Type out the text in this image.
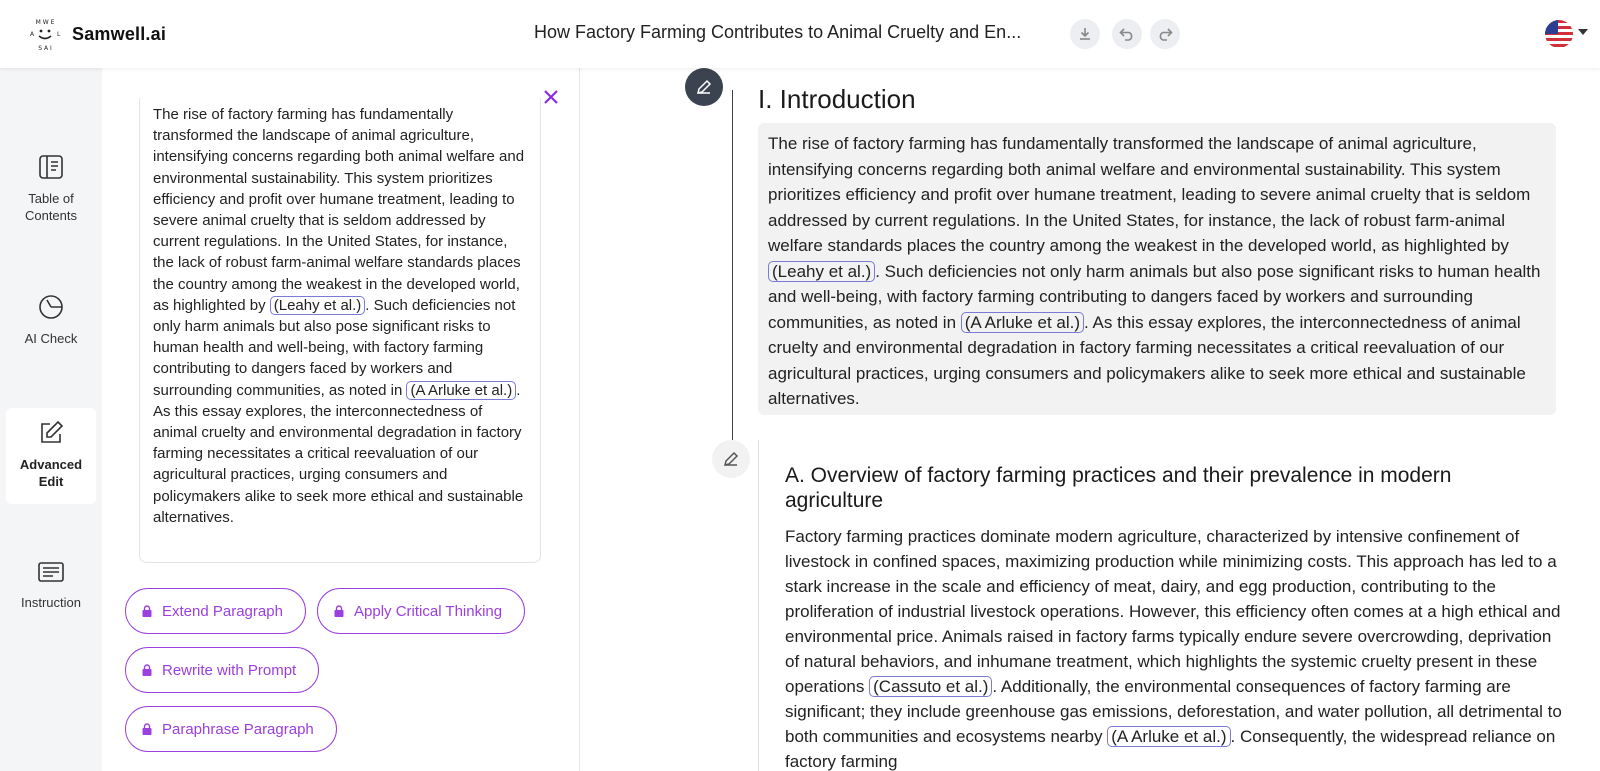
M W E
A	L
S A I
Samwell.ai	How Factory Farming Contributes to Animal Cruelty and En...
Table of Contents
AI Check
Advanced Edit
Instruction
The rise of factory farming has fundamentally transformed the landscape of animal agriculture, intensifying concerns regarding both animal welfare and environmental sustainability. This system prioritizes efficiency and profit over humane treatment, leading to severe animal cruelty that is seldom addressed by current regulations. In the United States, for instance, the lack of robust farm-animal welfare standards places the country among the weakest in the developed world, as highlighted by (Leahy et al.) . Such deficiencies not only harm animals but also pose significant risks to human health and well-being, with factory farming contributing to dangers faced by workers and surrounding communities, as noted in (A Arluke et al.) . As this essay explores, the interconnectedness of animal cruelty and environmental degradation in factory farming necessitates a critical reevaluation of our agricultural practices, urging consumers and policymakers alike to seek more ethical and sustainable alternatives.
Extend Paragraph	Apply Critical Thinking
Rewrite with Prompt
Paraphrase Paragraph
I. Introduction
The rise of factory farming has fundamentally transformed the landscape of animal agriculture, intensifying concerns regarding both animal welfare and environmental sustainability. This system prioritizes efficiency and profit over humane treatment, leading to severe animal cruelty that is seldom addressed by current regulations. In the United States, for instance, the lack of robust farm-animal welfare standards places the country among the weakest in the developed world, as highlighted by (Leahy et al.) . Such deficiencies not only harm animals but also pose significant risks to human health and well-being, with factory farming contributing to dangers faced by workers and surrounding communities, as noted in (A Arluke et al.) . As this essay explores, the interconnectedness of animal cruelty and environmental degradation in factory farming necessitates a critical reevaluation of our agricultural practices, urging consumers and policymakers alike to seek more ethical and sustainable alternatives.
A. Overview of factory farming practices and their prevalence in modern agriculture
Factory farming practices dominate modern agriculture, characterized by intensive confinement of livestock in confined spaces, maximizing production while minimizing costs. This approach has led to a stark increase in the scale and efficiency of meat, dairy, and egg production, contributing to the proliferation of industrial livestock operations. However, this efficiency often comes at a high ethical and environmental price. Animals raised in factory farms typically endure severe overcrowding, deprivation of natural behaviors, and inhumane treatment, which highlights the systemic cruelty present in these operations (Cassuto et al.) . Additionally, the environmental consequences of factory farming are significant; they include greenhouse gas emissions, deforestation, and water pollution, all detrimental to both communities and ecosystems nearby (A Arluke et al.) . Consequently, the widespread reliance on factory farming
